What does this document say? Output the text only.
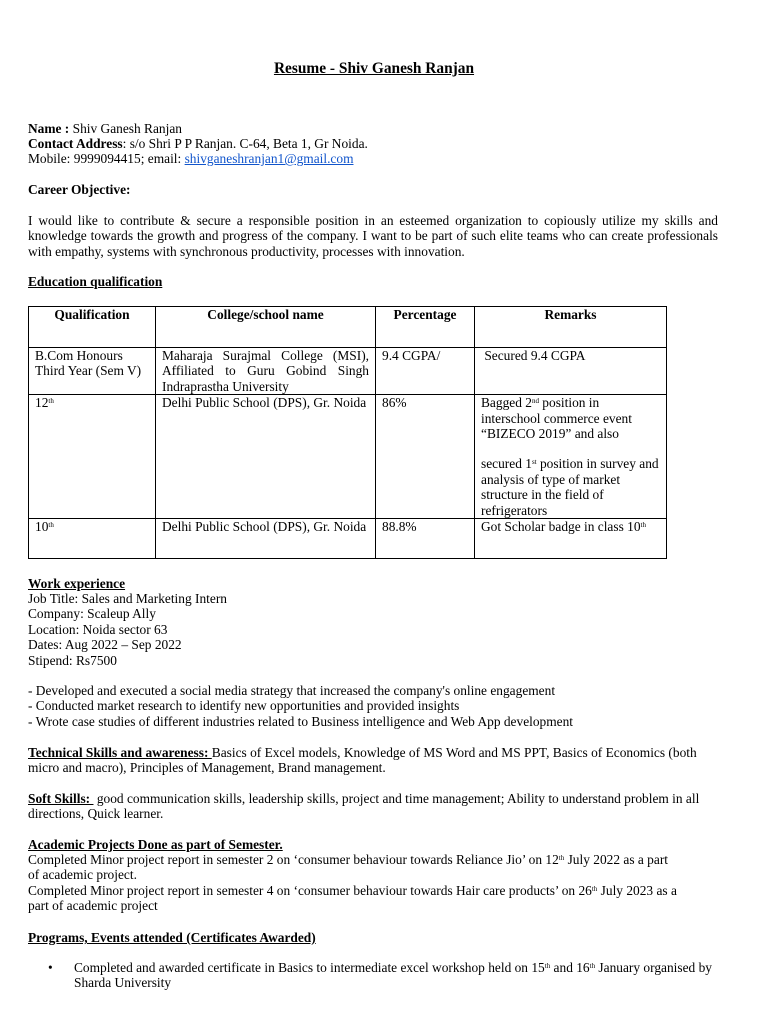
Resume - Shiv Ganesh Ranjan
Name : Shiv Ganesh Ranjan
Contact Address: s/o Shri P P Ranjan. C-64, Beta 1, Gr Noida.
Mobile: 9999094415; email: shivganeshranjan1@gmail.com
Career Objective:
I would like to contribute & secure a responsible position in an esteemed organization to copiously utilize my skills and knowledge towards the growth and progress of the company. I want to be part of such elite teams who can create professionals with empathy, systems with synchronous productivity, processes with innovation.
Education qualification
Qualification	College/school name	Percentage	Remarks
B.Com Honours Third Year (Sem V)	Maharaja Surajmal College (MSI), Affiliated to Guru Gobind Singh Indraprastha University	9.4 CGPA/	Secured 9.4 CGPA
12th	Delhi Public School (DPS), Gr. Noida	86%	Bagged 2nd position in interschool commerce event “BIZECO 2019” and also
secured 1st position in survey and analysis of type of market structure in the field of refrigerators

10th	Delhi Public School (DPS), Gr. Noida	88.8%	Got Scholar badge in class 10th
Work experience
Job Title: Sales and Marketing Intern
Company: Scaleup Ally
Location: Noida sector 63
Dates: Aug 2022 – Sep 2022
Stipend: Rs7500
- Developed and executed a social media strategy that increased the company's online engagement
- Conducted market research to identify new opportunities and provided insights
- Wrote case studies of different industries related to Business intelligence and Web App development
Technical Skills and awareness: Basics of Excel models, Knowledge of MS Word and MS PPT, Basics of Economics (both micro and macro), Principles of Management, Brand management.
Soft Skills:  good communication skills, leadership skills, project and time management; Ability to understand problem in all directions, Quick learner.
Academic Projects Done as part of Semester.
Completed Minor project report in semester 2 on ‘consumer behaviour towards Reliance Jio’ on 12th July 2022 as a part
of academic project.
Completed Minor project report in semester 4 on ‘consumer behaviour towards Hair care products’ on 26th July 2023 as a
part of academic project
Programs, Events attended (Certificates Awarded)
• Completed and awarded certificate in Basics to intermediate excel workshop held on 15th and 16th January organised by Sharda University
